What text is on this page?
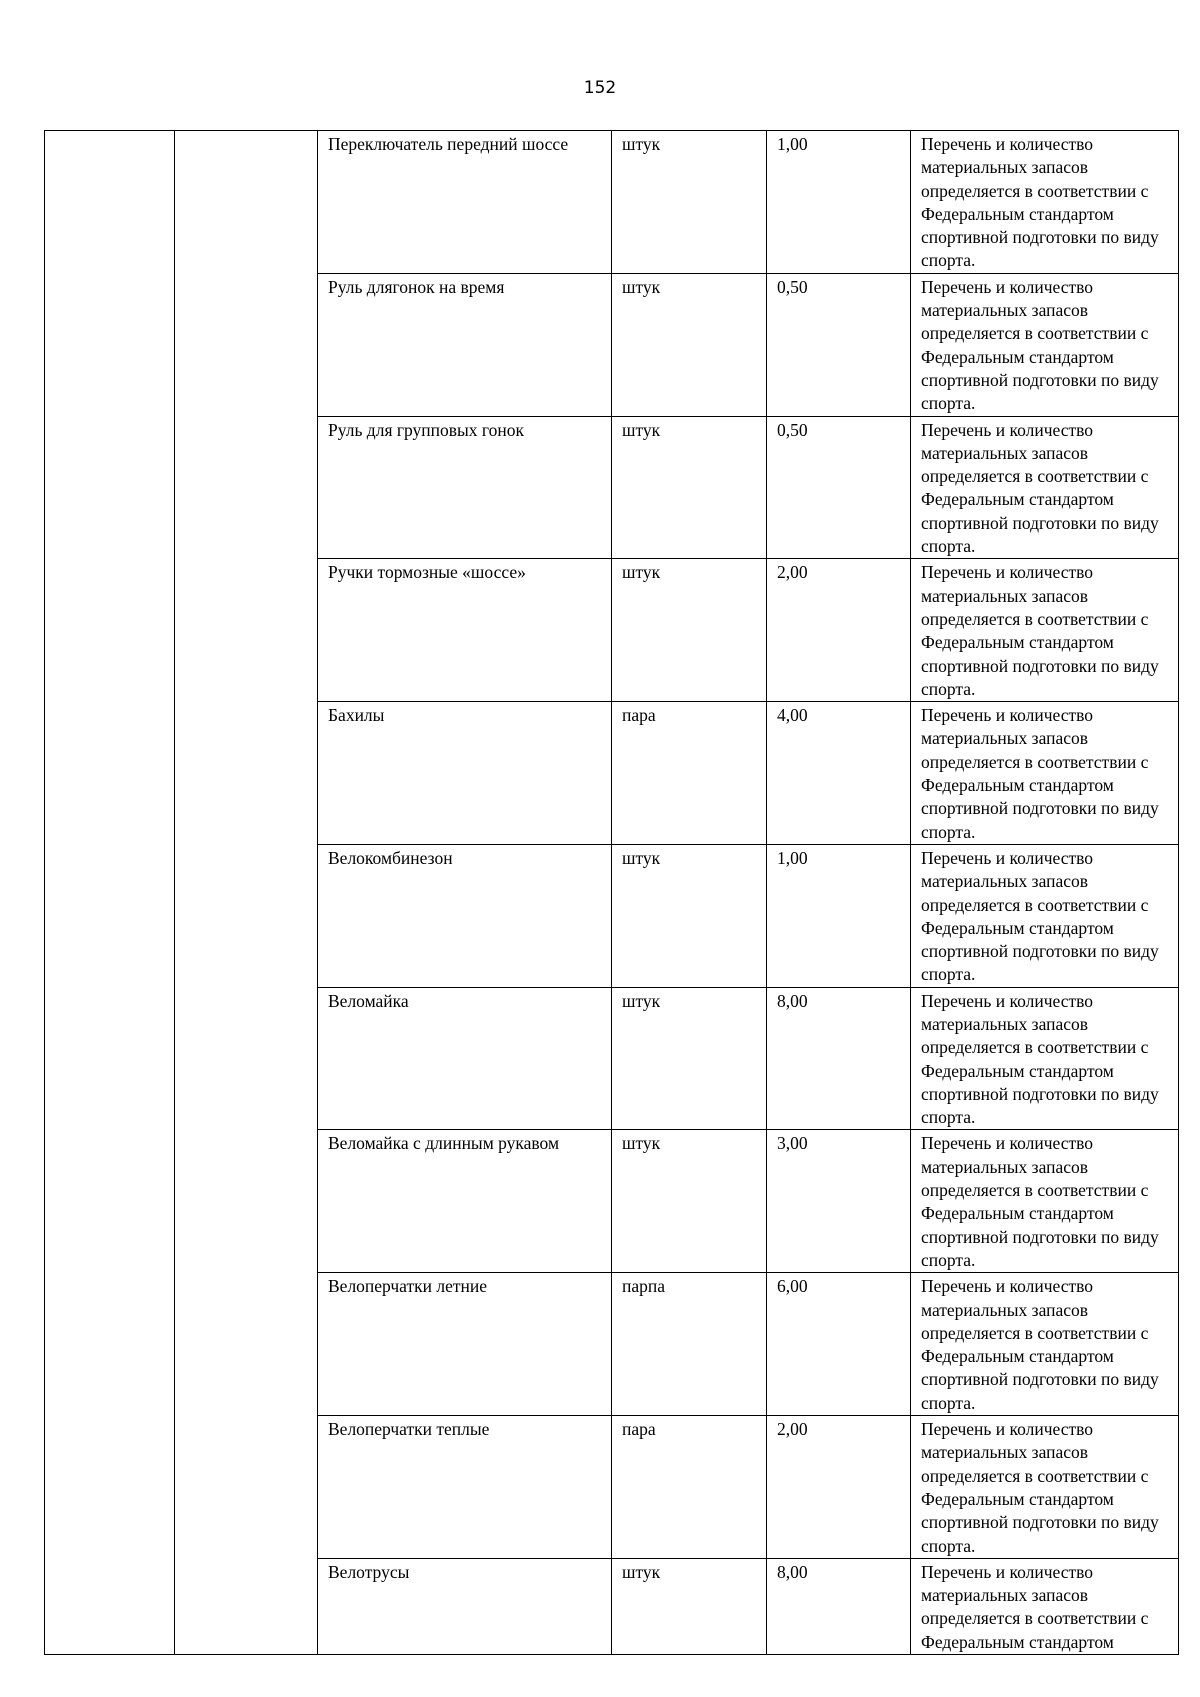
152
		Переключатель передний шоссе	штук	1,00	Перечень и количество материальных запасов определяется в соответствии с Федеральным стандартом спортивной подготовки по виду спорта.

		Руль длягонок на время	штук	0,50	Перечень и количество материальных запасов определяется в соответствии с Федеральным стандартом спортивной подготовки по виду спорта.

		Руль для групповых гонок	штук	0,50	Перечень и количество материальных запасов определяется в соответствии с Федеральным стандартом спортивной подготовки по виду спорта.

		Ручки тормозные «шоссе»	штук	2,00	Перечень и количество материальных запасов определяется в соответствии с Федеральным стандартом спортивной подготовки по виду спорта.

		Бахилы	пара	4,00	Перечень и количество материальных запасов определяется в соответствии с Федеральным стандартом спортивной подготовки по виду спорта.

		Велокомбинезон	штук	1,00	Перечень и количество материальных запасов определяется в соответствии с Федеральным стандартом спортивной подготовки по виду спорта.

		Веломайка	штук	8,00	Перечень и количество материальных запасов определяется в соответствии с Федеральным стандартом спортивной подготовки по виду спорта.

		Веломайка с длинным рукавом	штук	3,00	Перечень и количество материальных запасов определяется в соответствии с Федеральным стандартом спортивной подготовки по виду спорта.

		Велоперчатки летние	парпа	6,00	Перечень и количество материальных запасов определяется в соответствии с Федеральным стандартом спортивной подготовки по виду спорта.

		Велоперчатки теплые	пара	2,00	Перечень и количество материальных запасов определяется в соответствии с Федеральным стандартом спортивной подготовки по виду спорта.

		Велотрусы	штук	8,00	Перечень и количество материальных запасов определяется в соответствии с Федеральным стандартом
